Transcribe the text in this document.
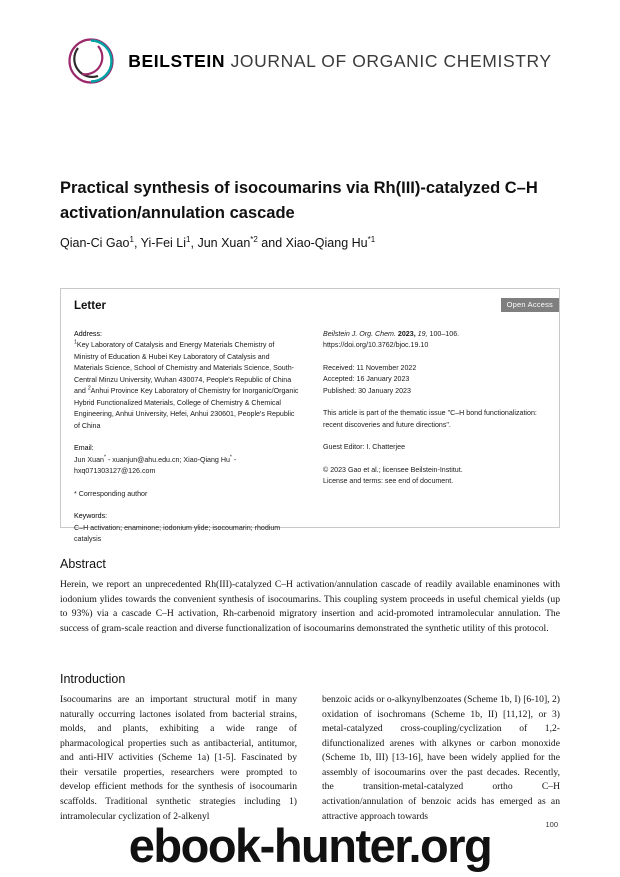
BEILSTEIN JOURNAL OF ORGANIC CHEMISTRY
Practical synthesis of isocoumarins via Rh(III)-catalyzed C–H activation/annulation cascade
Qian-Ci Gao$^1$, Yi-Fei Li$^1$, Jun Xuan$^{*2}$ and Xiao-Qiang Hu$^{*1}$
Letter	Open Access
Address:
$^1$Key Laboratory of Catalysis and Energy Materials Chemistry of Ministry of Education & Hubei Key Laboratory of Catalysis and Materials Science, School of Chemistry and Materials Science, South-Central Minzu University, Wuhan 430074, People's Republic of China and $^2$Anhui Province Key Laboratory of Chemistry for Inorganic/Organic Hybrid Functionalized Materials, College of Chemistry & Chemical Engineering, Anhui University, Hefei, Anhui 230601, People's Republic of China
Email:
Jun Xuan* - xuanjun@ahu.edu.cn; Xiao-Qiang Hu* - hxq071303127@126.com
* Corresponding author
Keywords:
C–H activation; enaminone; iodonium ylide; isocoumarin; rhodium catalysis
Beilstein J. Org. Chem. 2023, 19, 100–106.
https://doi.org/10.3762/bjoc.19.10
Received: 11 November 2022
Accepted: 16 January 2023
Published: 30 January 2023
This article is part of the thematic issue "C–H bond functionalization: recent discoveries and future directions".
Guest Editor: I. Chatterjee
© 2023 Gao et al.; licensee Beilstein-Institut.
License and terms: see end of document.
Abstract
Herein, we report an unprecedented Rh(III)-catalyzed C–H activation/annulation cascade of readily available enaminones with iodonium ylides towards the convenient synthesis of isocoumarins. This coupling system proceeds in useful chemical yields (up to 93%) via a cascade C–H activation, Rh-carbenoid migratory insertion and acid-promoted intramolecular annulation. The success of gram-scale reaction and diverse functionalization of isocoumarins demonstrated the synthetic utility of this protocol.
Introduction
Isocoumarins are an important structural motif in many naturally occurring lactones isolated from bacterial strains, molds, and plants, exhibiting a wide range of pharmacological properties such as antibacterial, antitumor, and anti-HIV activities (Scheme 1a) [1-5]. Fascinated by their versatile properties, researchers were prompted to develop efficient methods for the synthesis of isocoumarin scaffolds. Traditional synthetic strategies including 1) intramolecular cyclization of 2-alkenyl
benzoic acids or o-alkynylbenzoates (Scheme 1b, I) [6-10], 2) oxidation of isochromans (Scheme 1b, II) [11,12], or 3) metal-catalyzed cross-coupling/cyclization of 1,2-difunctionalized arenes with alkynes or carbon monoxide (Scheme 1b, III) [13-16], have been widely applied for the assembly of isocoumarins over the past decades. Recently, the transition-metal-catalyzed ortho C–H activation/annulation of benzoic acids has emerged as an attractive approach towards
100
ebook-hunter.org
